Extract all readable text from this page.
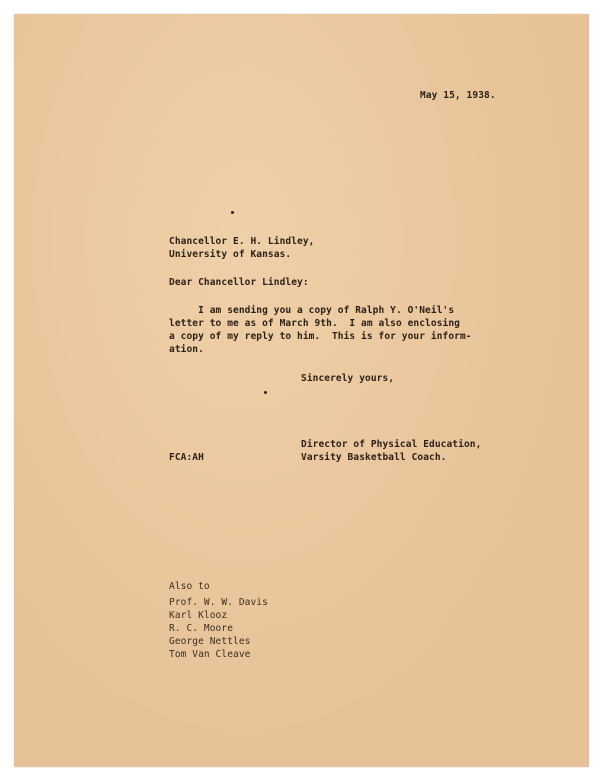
May 15, 1938.
Chancellor E. H. Lindley,
University of Kansas.
Dear Chancellor Lindley:
I am sending you a copy of Ralph Y. O'Neil's
letter to me as of March 9th.  I am also enclosing
a copy of my reply to him.  This is for your inform-
ation.
Sincerely yours,
Director of Physical Education,
FCA:AH	Varsity Basketball Coach.
Also to
Prof. W. W. Davis
Karl Klooz
R. C. Moore
George Nettles
Tom Van Cleave
